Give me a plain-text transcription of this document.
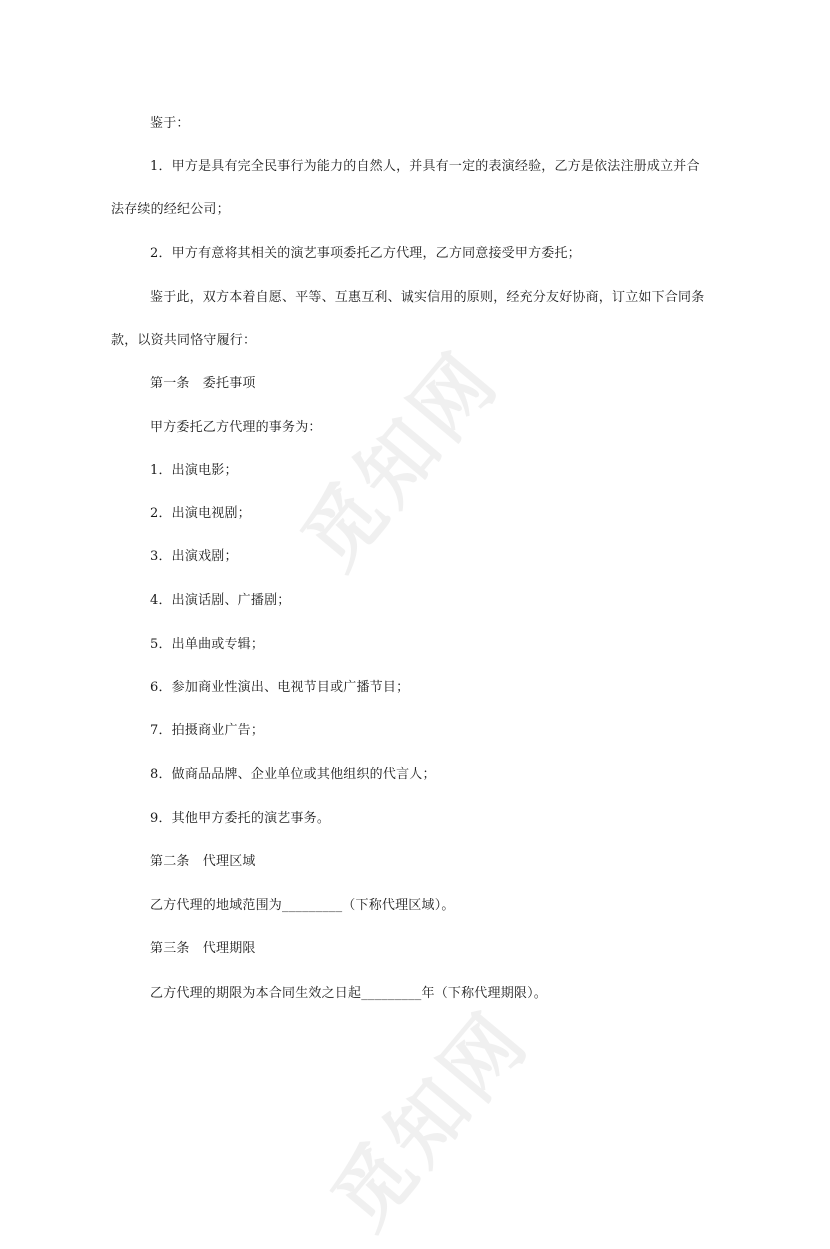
觅知网
觅知网
鉴于：
1．甲方是具有完全民事行为能力的自然人，并具有一定的表演经验，乙方是依法注册成立并合
法存续的经纪公司；
2．甲方有意将其相关的演艺事项委托乙方代理，乙方同意接受甲方委托；
鉴于此，双方本着自愿、平等、互惠互利、诚实信用的原则，经充分友好协商，订立如下合同条
款，以资共同恪守履行：
第一条　委托事项
甲方委托乙方代理的事务为：
1．出演电影；
2．出演电视剧；
3．出演戏剧；
4．出演话剧、广播剧；
5．出单曲或专辑；
6．参加商业性演出、电视节目或广播节目；
7．拍摄商业广告；
8．做商品品牌、企业单位或其他组织的代言人；
9．其他甲方委托的演艺事务。
第二条　代理区域
乙方代理的地域范围为_________（下称代理区域）。
第三条　代理期限
乙方代理的期限为本合同生效之日起_________年（下称代理期限）。
